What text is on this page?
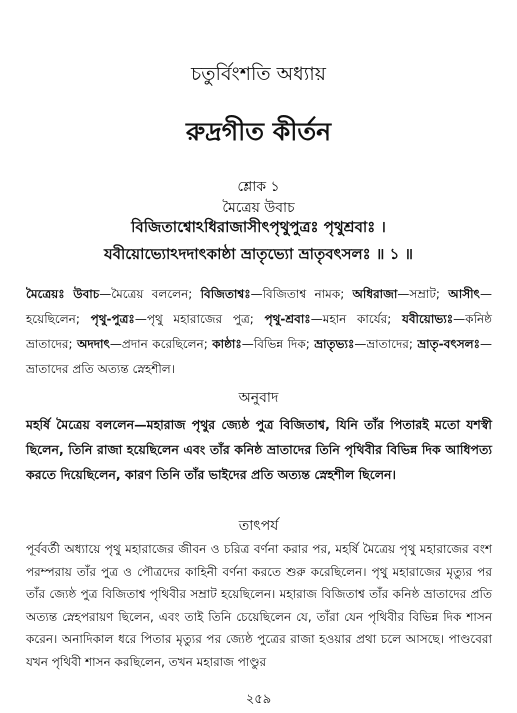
চতুর্বিংশতি অধ্যায়
রুদ্রগীত কীর্তন
শ্লোক ১
মৈত্রেয় উবাচ
বিজিতাশ্বোঽধিরাজাসীৎপৃথুপুত্রঃ পৃথুশ্রবাঃ ।
যবীয়োভ্যোঽদদাৎকাষ্ঠা ভ্রাতৃভ্যো ভ্রাতৃবৎসলঃ ॥ ১ ॥
মৈত্রেয়ঃ উবাচ—মৈত্রেয় বললেন; বিজিতাশ্বঃ—বিজিতাশ্ব নামক; অধিরাজা—সম্রাট; আসীৎ—হয়েছিলেন; পৃথু-পুত্রঃ—পৃথু মহারাজের পুত্র; পৃথু-শ্রবাঃ—মহান কার্যের; যবীয়োভ্যঃ—কনিষ্ঠ ভ্রাতাদের; অদদাৎ—প্রদান করেছিলেন; কাষ্ঠাঃ—বিভিন্ন দিক; ভ্রাতৃভ্যঃ—ভ্রাতাদের; ভ্রাতৃ-বৎসলঃ—ভ্রাতাদের প্রতি অত্যন্ত স্নেহশীল।
অনুবাদ
মহর্ষি মৈত্রেয় বললেন—মহারাজ পৃথুর জ্যেষ্ঠ পুত্র বিজিতাশ্ব, যিনি তাঁর পিতারই মতো যশস্বী ছিলেন, তিনি রাজা হয়েছিলেন এবং তাঁর কনিষ্ঠ ভ্রাতাদের তিনি পৃথিবীর বিভিন্ন দিক আধিপত্য করতে দিয়েছিলেন, কারণ তিনি তাঁর ভাইদের প্রতি অত্যন্ত স্নেহশীল ছিলেন।
তাৎপর্য
পূর্ববর্তী অধ্যায়ে পৃথু মহারাজের জীবন ও চরিত্র বর্ণনা করার পর, মহর্ষি মৈত্রেয় পৃথু মহারাজের বংশ পরম্পরায় তাঁর পুত্র ও পৌত্রদের কাহিনী বর্ণনা করতে শুরু করেছিলেন। পৃথু মহারাজের মৃত্যুর পর তাঁর জ্যেষ্ঠ পুত্র বিজিতাশ্ব পৃথিবীর সম্রাট হয়েছিলেন। মহারাজ বিজিতাশ্ব তাঁর কনিষ্ঠ ভ্রাতাদের প্রতি অত্যন্ত স্নেহপরায়ণ ছিলেন, এবং তাই তিনি চেয়েছিলেন যে, তাঁরা যেন পৃথিবীর বিভিন্ন দিক শাসন করেন। অনাদিকাল ধরে পিতার মৃত্যুর পর জ্যেষ্ঠ পুত্রের রাজা হওয়ার প্রথা চলে আসছে। পাণ্ডবেরা যখন পৃথিবী শাসন করছিলেন, তখন মহারাজ পাণ্ডুর
২৫৯
